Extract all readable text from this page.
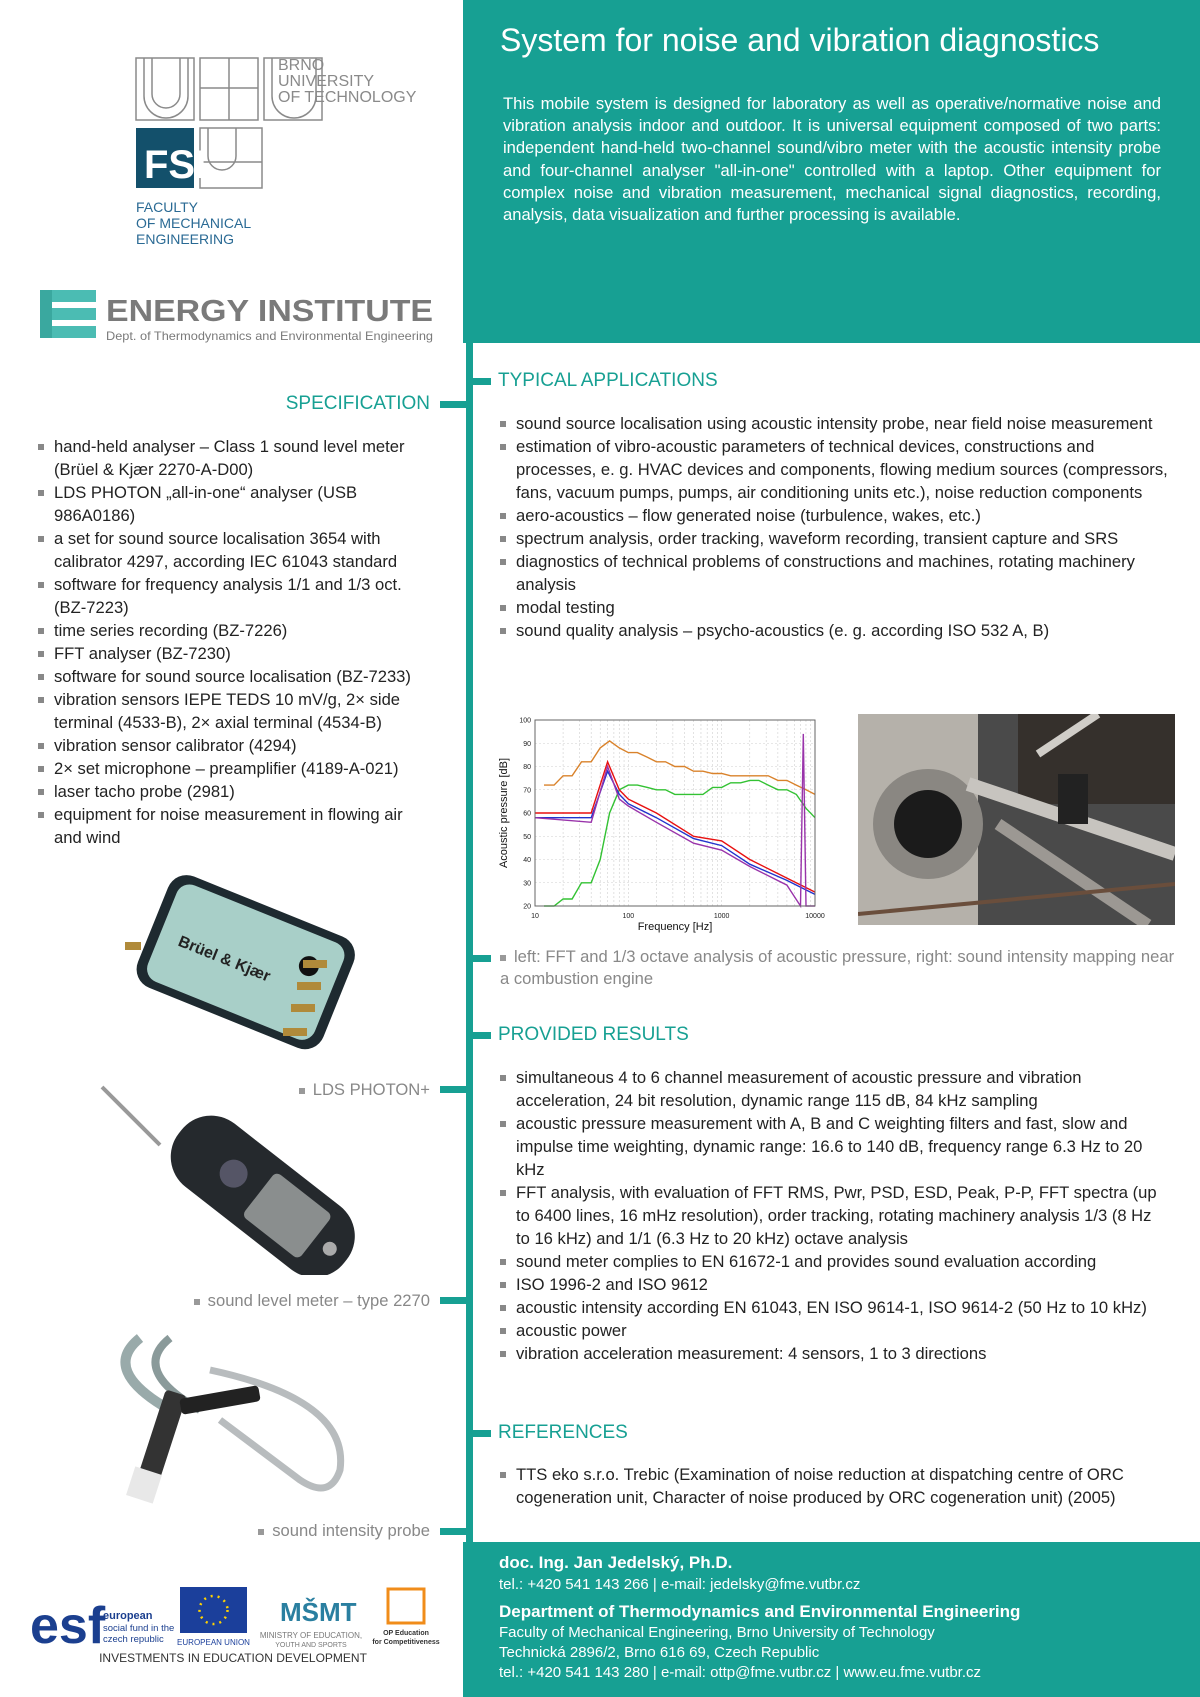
System for noise and vibration diagnostics

This mobile system is designed for laboratory as well as operative/normative noise and vibration analysis indoor and outdoor. It is universal equipment composed of two parts: independent hand-held two-channel sound/vibro meter with the acoustic intensity probe and four-channel analyser "all-in-one" controlled with a laptop. Other equipment for complex noise and vibration measurement, mechanical signal diagnostics, recording, analysis, data visualization and further processing is available.

FSI
BRNO
UNIVERSITY
OF TECHNOLOGY
FACULTY
OF MECHANICAL
ENGINEERING
ENERGY INSTITUTE
Dept. of Thermodynamics and Environmental Engineering
SPECIFICATION
hand-held analyser – Class 1 sound level meter (Brüel & Kjær 2270-A-D00)
LDS PHOTON „all-in-one“ analyser (USB 986A0186)
a set for sound source localisation 3654 with calibrator 4297, according IEC 61043 standard
software for frequency analysis 1/1 and 1/3 oct. (BZ-7223)
time series recording (BZ-7226)
FFT analyser (BZ-7230)
software for sound source localisation (BZ-7233)
vibration sensors IEPE TEDS 10 mV/g, 2× side terminal (4533-B), 2× axial terminal (4534-B)
vibration sensor calibrator (4294)
2× set microphone – preamplifier (4189-A-021)
laser tacho probe (2981)
equipment for noise measurement in flowing air and wind
Brüel & Kjær
LDS PHOTON+
sound level meter – type 2270
sound intensity probe
TYPICAL APPLICATIONS
sound source localisation using acoustic intensity probe, near field noise measurement
estimation of vibro-acoustic parameters of technical devices, constructions and processes, e. g. HVAC devices and components, flowing medium sources (compressors, fans, vacuum pumps, pumps, air conditioning units etc.), noise reduction components
aero-acoustics – flow generated noise (turbulence, wakes, etc.)
spectrum analysis, order tracking, waveform recording, transient capture and SRS
diagnostics of technical problems of constructions and machines, rotating machinery analysis
modal testing
sound quality analysis – psycho-acoustics (e. g. according ISO 532 A, B)
10	100	1000	10000
20
30
40
50
60
70
80
90
100
Frequency [Hz]
Acoustic pressure [dB]
left: FFT and 1/3 octave analysis of acoustic pressure, right: sound intensity mapping near a combustion engine
PROVIDED RESULTS
simultaneous 4 to 6 channel measurement of acoustic pressure and vibration acceleration, 24 bit resolution, dynamic range 115 dB, 84 kHz sampling
acoustic pressure measurement with A, B and C weighting filters and fast, slow and impulse time weighting, dynamic range: 16.6 to 140 dB, frequency range 6.3 Hz to 20 kHz
FFT analysis, with evaluation of FFT RMS, Pwr, PSD, ESD, Peak, P-P, FFT spectra (up to 6400 lines, 16 mHz resolution), order tracking, rotating machinery analysis 1/3 (8 Hz to 16 kHz) and 1/1 (6.3 Hz to 20 kHz) octave analysis
sound meter complies to EN 61672-1 and provides sound evaluation according
ISO 1996-2 and ISO 9612
acoustic intensity according EN 61043, EN ISO 9614-1, ISO 9614-2 (50 Hz to 10 kHz)
acoustic power
vibration acceleration measurement: 4 sensors, 1 to 3 directions
REFERENCES
TTS eko s.r.o. Trebic (Examination of noise reduction at dispatching centre of ORC cogeneration unit, Character of noise produced by ORC cogeneration unit) (2005)

doc. Ing. Jan Jedelský, Ph.D.

tel.: +420 541 143 266 | e-mail: jedelsky@fme.vutbr.cz

Department of Thermodynamics and Environmental Engineering

Faculty of Mechanical Engineering, Brno University of Technology

Technická 2896/2, Brno 616 69, Czech Republic

tel.: +420 541 143 280 | e-mail: ottp@fme.vutbr.cz | www.eu.fme.vutbr.cz

esf
european
social fund in the
czech republic EUROPEAN UNION
MŠMT
MINISTRY OF EDUCATION,
YOUTH AND SPORTS
OP Education
for Competitiveness
INVESTMENTS IN EDUCATION DEVELOPMENT
